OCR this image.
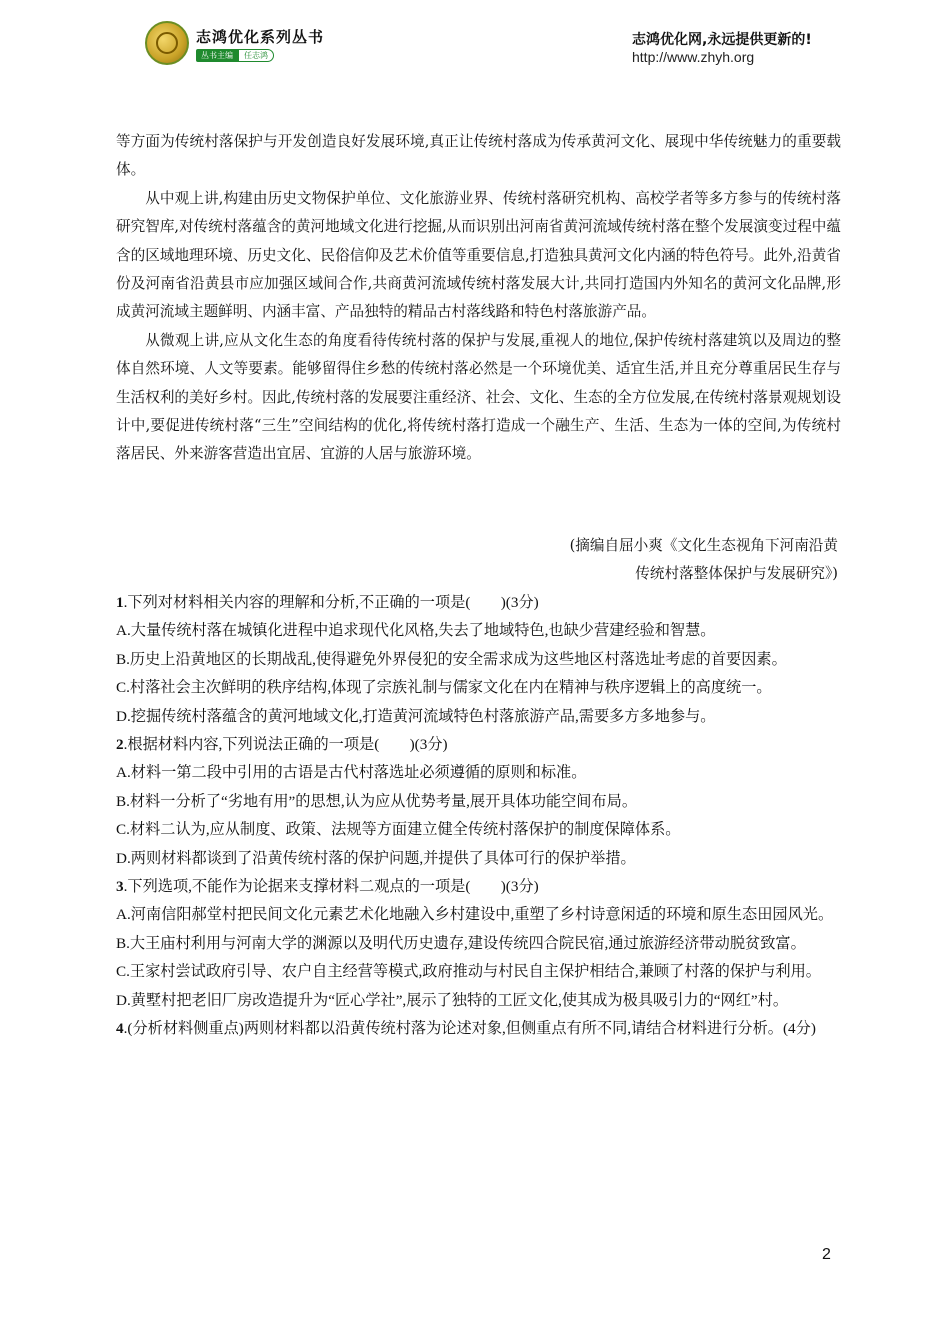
志鸿优化系列丛书
丛书主编	任志鸿
志鸿优化网,永远提供更新的!
http://www.zhyh.org

等方面为传统村落保护与开发创造良好发展环境,真正让传统村落成为传承黄河文化、展现中华传统魅力的重要载体。

从中观上讲,构建由历史文物保护单位、文化旅游业界、传统村落研究机构、高校学者等多方参与的传统村落研究智库,对传统村落蕴含的黄河地域文化进行挖掘,从而识别出河南省黄河流域传统村落在整个发展演变过程中蕴含的区域地理环境、历史文化、民俗信仰及艺术价值等重要信息,打造独具黄河文化内涵的特色符号。此外,沿黄省份及河南省沿黄县市应加强区域间合作,共商黄河流域传统村落发展大计,共同打造国内外知名的黄河文化品牌,形成黄河流域主题鲜明、内涵丰富、产品独特的精品古村落线路和特色村落旅游产品。

从微观上讲,应从文化生态的角度看待传统村落的保护与发展,重视人的地位,保护传统村落建筑以及周边的整体自然环境、人文等要素。能够留得住乡愁的传统村落必然是一个环境优美、适宜生活,并且充分尊重居民生存与生活权利的美好乡村。因此,传统村落的发展要注重经济、社会、文化、生态的全方位发展,在传统村落景观规划设计中,要促进传统村落“三生”空间结构的优化,将传统村落打造成一个融生产、生活、生态为一体的空间,为传统村落居民、外来游客营造出宜居、宜游的人居与旅游环境。

(摘编自屈小爽《文化生态视角下河南沿黄
传统村落整体保护与发展研究》)

1.下列对材料相关内容的理解和分析,不正确的一项是(　　)(3分)

A.大量传统村落在城镇化进程中追求现代化风格,失去了地域特色,也缺少营建经验和智慧。

B.历史上沿黄地区的长期战乱,使得避免外界侵犯的安全需求成为这些地区村落选址考虑的首要因素。

C.村落社会主次鲜明的秩序结构,体现了宗族礼制与儒家文化在内在精神与秩序逻辑上的高度统一。

D.挖掘传统村落蕴含的黄河地域文化,打造黄河流域特色村落旅游产品,需要多方多地参与。

2.根据材料内容,下列说法正确的一项是(　　)(3分)

A.材料一第二段中引用的古语是古代村落选址必须遵循的原则和标准。

B.材料一分析了“劣地有用”的思想,认为应从优势考量,展开具体功能空间布局。

C.材料二认为,应从制度、政策、法规等方面建立健全传统村落保护的制度保障体系。

D.两则材料都谈到了沿黄传统村落的保护问题,并提供了具体可行的保护举措。

3.下列选项,不能作为论据来支撑材料二观点的一项是(　　)(3分)

A.河南信阳郝堂村把民间文化元素艺术化地融入乡村建设中,重塑了乡村诗意闲适的环境和原生态田园风光。

B.大王庙村利用与河南大学的渊源以及明代历史遗存,建设传统四合院民宿,通过旅游经济带动脱贫致富。

C.王家村尝试政府引导、农户自主经营等模式,政府推动与村民自主保护相结合,兼顾了村落的保护与利用。

D.黄墅村把老旧厂房改造提升为“匠心学社”,展示了独特的工匠文化,使其成为极具吸引力的“网红”村。

4.(分析材料侧重点)两则材料都以沿黄传统村落为论述对象,但侧重点有所不同,请结合材料进行分析。(4分)

2
